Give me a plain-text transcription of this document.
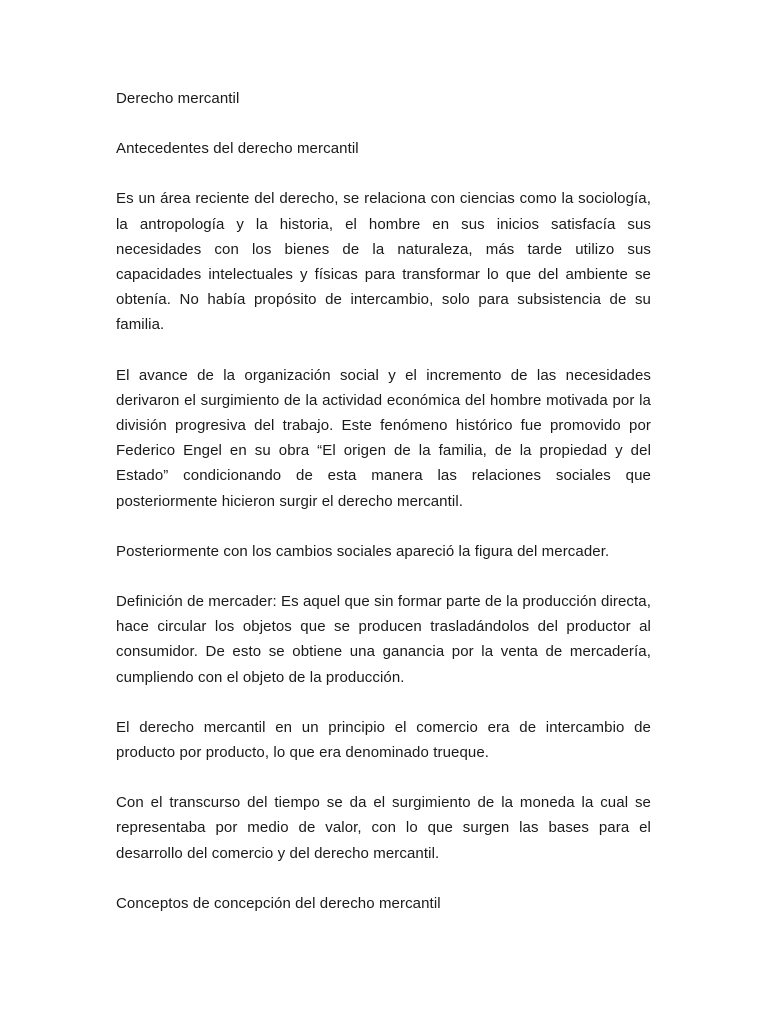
Derecho mercantil

Antecedentes del derecho mercantil

Es un área reciente del derecho, se relaciona con ciencias como la sociología, la antropología y la historia, el hombre en sus inicios satisfacía sus necesidades con los bienes de la naturaleza, más tarde utilizo sus capacidades intelectuales y físicas para transformar lo que del ambiente se obtenía. No había propósito de intercambio, solo para subsistencia de su familia.

El avance de la organización social y el incremento de las necesidades derivaron el surgimiento de la actividad económica del hombre motivada por la división progresiva del trabajo. Este fenómeno histórico fue promovido por Federico Engel en su obra “El origen de la familia, de la propiedad y del Estado” condicionando de esta manera las relaciones sociales que posteriormente hicieron surgir el derecho mercantil.

Posteriormente con los cambios sociales apareció la figura del mercader.

Definición de mercader: Es aquel que sin formar parte de la producción directa, hace circular los objetos que se producen trasladándolos del productor al consumidor. De esto se obtiene una ganancia por la venta de mercadería, cumpliendo con el objeto de la producción.

El derecho mercantil en un principio el comercio era de intercambio de producto por producto, lo que era denominado trueque.

Con el transcurso del tiempo se da el surgimiento de la moneda la cual se representaba por medio de valor, con lo que surgen las bases para el desarrollo del comercio y del derecho mercantil.

Conceptos de concepción del derecho mercantil
